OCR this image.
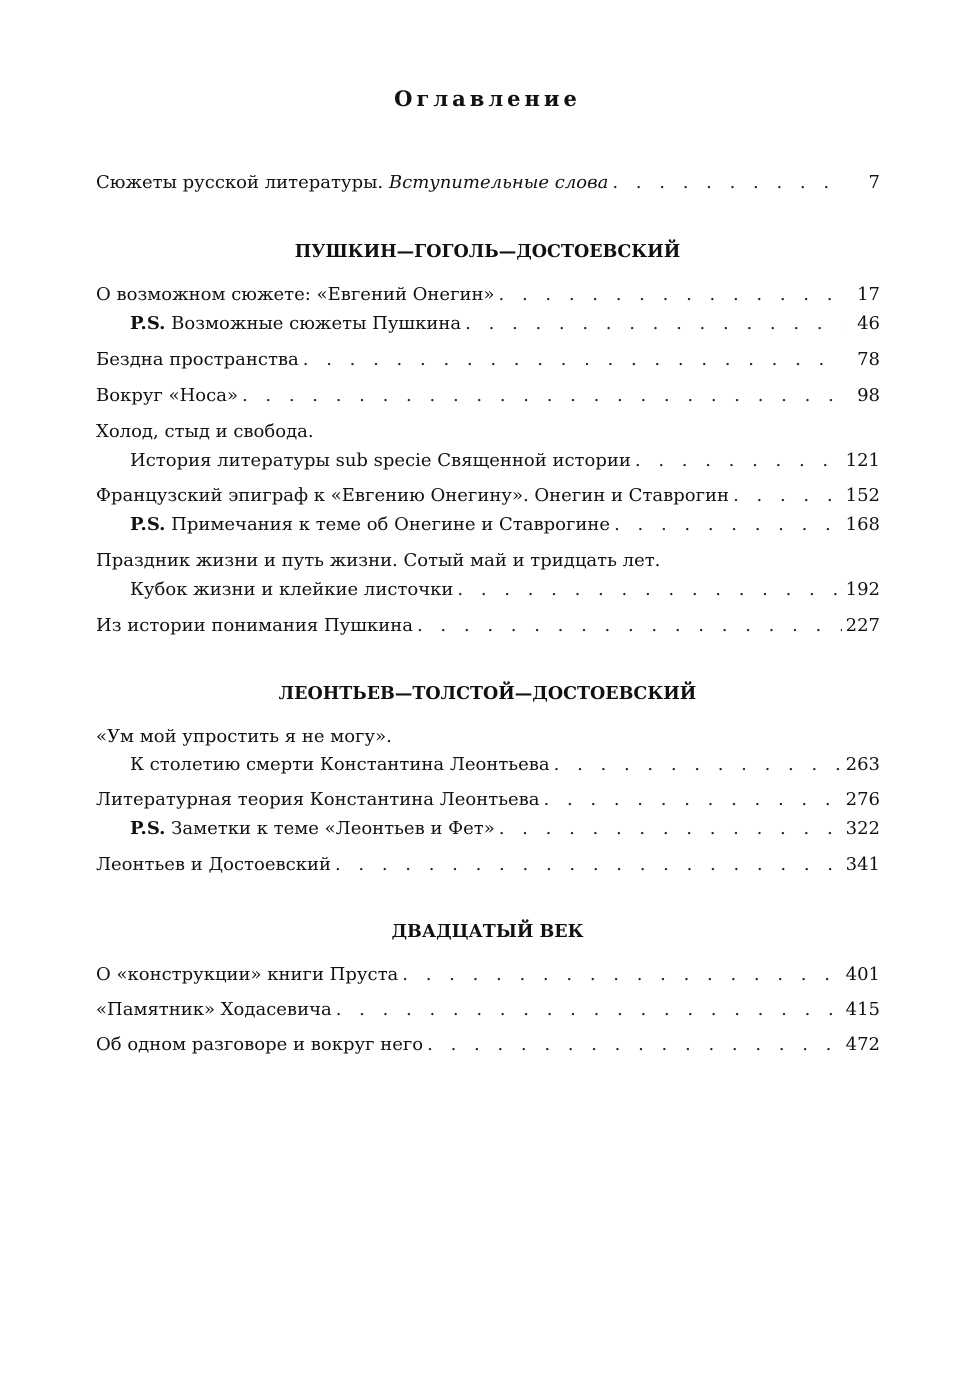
Оглавление
Сюжеты русской литературы. Вступительные слова . . .	7
ПУШКИН—ГОГОЛЬ—ДОСТОЕВСКИЙ
О возможном сюжете: «Евгений Онегин» . . .	17
P.S. Возможные сюжеты Пушкина . . .	46
Бездна пространства . . .	78
Вокруг «Носа» . . .	98
Холод, стыд и свобода.
История литературы sub specie Священной истории . . .	121
Французский эпиграф к «Евгению Онегину». Онегин и Ставрогин . . .	152
P.S. Примечания к теме об Онегине и Ставрогине . . .	168
Праздник жизни и путь жизни. Сотый май и тридцать лет.
Кубок жизни и клейкие листочки . . .	192
Из истории понимания Пушкина . . .	227
ЛЕОНТЬЕВ—ТОЛСТОЙ—ДОСТОЕВСКИЙ
«Ум мой упростить я не могу».
К столетию смерти Константина Леонтьева . . .	263
Литературная теория Константина Леонтьева . . .	276
P.S. Заметки к теме «Леонтьев и Фет» . . .	322
Леонтьев и Достоевский . . .	341
ДВАДЦАТЫЙ ВЕК
О «конструкции» книги Пруста . . .	401
«Памятник» Ходасевича . . .	415
Об одном разговоре и вокруг него . . .	472
